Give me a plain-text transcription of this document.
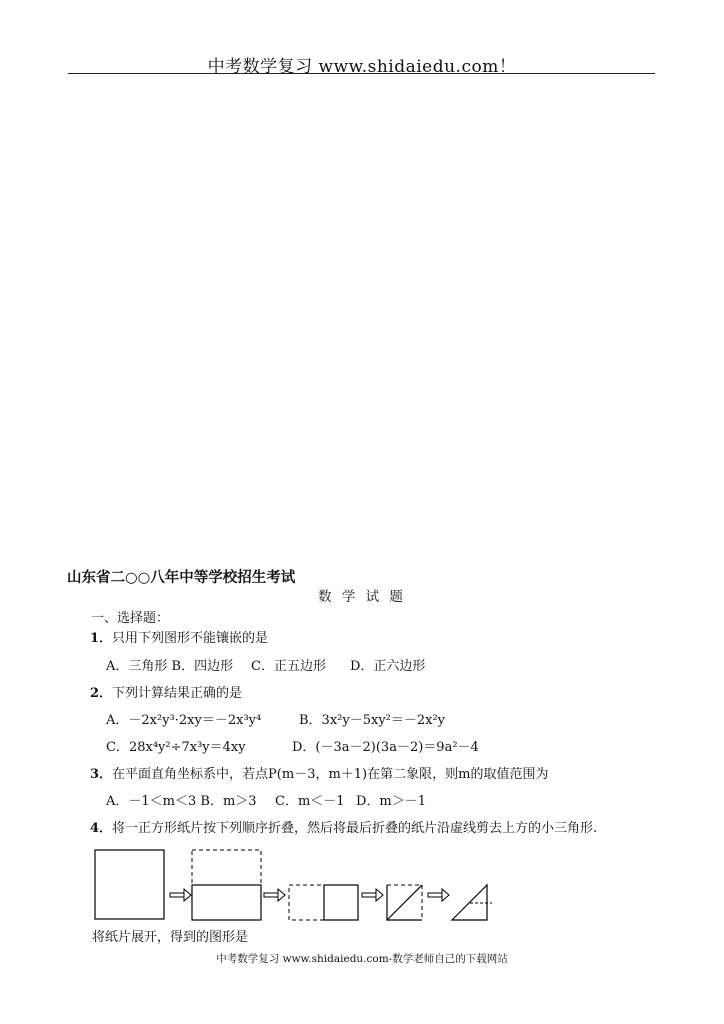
中考数学复习 www.shidaiedu.com！
山东省二○○八年中等学校招生考试
数 学 试 题
一、选择题：
1．只用下列图形不能镶嵌的是
A．三角形 B．四边形 C．正五边形 D．正六边形
2．下列计算结果正确的是
A．－2x²y³·2xy＝－2x³y⁴	B．3x²y－5xy²＝－2x²y
C．28x⁴y²÷7x³y＝4xy	D．(－3a－2)(3a－2)＝9a²－4
3．在平面直角坐标系中，若点P(m－3，m＋1)在第二象限，则m的取值范围为
A．－1＜m＜3 B．m＞3 C．m＜－1 D．m＞－1
4．将一正方形纸片按下列顺序折叠，然后将最后折叠的纸片沿虚线剪去上方的小三角形.
将纸片展开，得到的图形是
中考数学复习 www.shidaiedu.com-数学老师自己的下载网站
